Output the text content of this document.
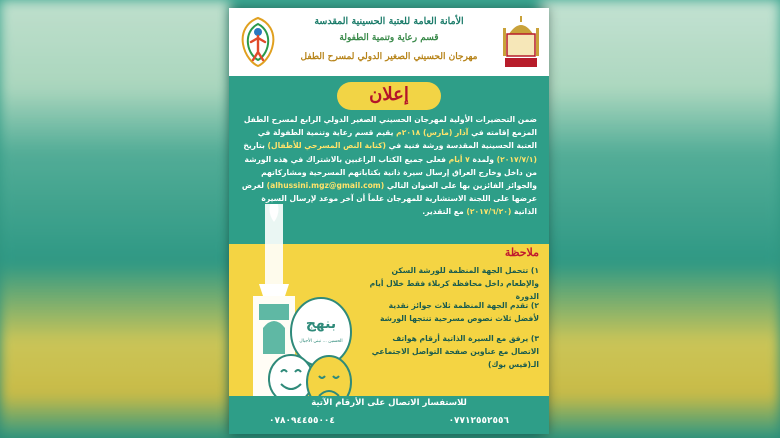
الأمانة العامة للعتبة الحسينية المقدسة
قسم رعاية وتنمية الطفولة
مهرجان الحسيني الصغير الدولي لمسرح الطفل
إعلان
ضمن التحضيرات الأولية لمهرجان الحسيني الصغير الدولي الرابع لمسرح الطفل المزمع إقامته في آذار (مارس) ٢٠١٨م يقيم قسم رعاية وتنمية الطفولة في العتبة الحسينية المقدسة ورشة فنية في (كتابة النص المسرحي للأطفال) بتاريخ (٢٠١٧/٧/١) ولمدة ٧ أيام فعلى جميع الكتاب الراغبين بالاشتراك في هذه الورشة من داخل وخارج العراق إرسال سيرة ذاتية بكتاباتهم المسرحية ومشاركاتهم والجوائز الفائزين بها على العنوان التالي (alhussini.mgz@gmail.com) لغرض عرضها على اللجنة الاستشارية للمهرجان علماً أن آخر موعد لإرسال السيرة الذاتية (٢٠١٧/٦/٢٠) مع التقدير.
ملاحظة
١) تتحمل الجهة المنظمة للورشة السكن والإطعام داخل محافظة كربلاء فقط خلال أيام الدورة
٢) تقدم الجهة المنظمة ثلاث جوائز نقدية لأفضل ثلاث نصوص مسرحية تنتجها الورشة
٣) يرفق مع السيرة الذاتية أرقام هواتف الاتصال مع عناوين صفحة التواصل الاجتماعي الـ(فيس بوك)
بنهج
الحسين ... نبني الأجيال
للاستفسار الاتصال على الأرقام الآتية
٠٧٧١٢٥٥٢٥٥٦
٠٧٨٠٩٤٤٥٥٠٠٤
